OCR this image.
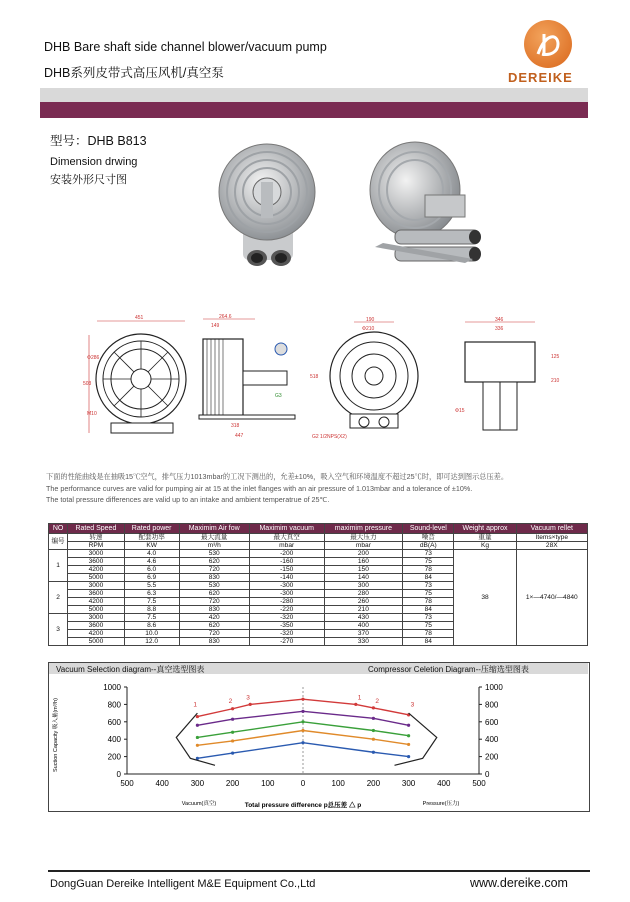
DHB Bare shaft side channel blower/vacuum pump
DHB系列皮带式高压风机/真空泵	DEREIKE
型号：DHB B813
Dimension drwing
安装外形尺寸图
451
503
Φ286
M10
264.6
149
318
447
G3
190
Φ210
518
G2 1/2NPS(X2)
346
336
125
210
Φ15
下面的性能曲线是在抽吸15℃空气，排气压力1013mbar的工况下测出的，允差±10%，吸入空气和环境温度不超过25℃时，即可达到图示总压差。
The performance curves are valid for pumping air at 15 at the inlet flanges with an air pressure of 1.013mbar and a tolerance of ±10%.
The total pressure differences are valid up to an intake and ambient temperatrue of 25℃.
NO	Rated Speed	Rated power	Maximim Air fow	Maximim vacuum	maximim pressure	Sound-level	Weight approx	Vacuum rellet
编号	转速	配套功率	最大流量	最大真空	最大压力	噪音	重量	Items×type
	RPM	KW	m³/h	mbar	mbar	dB(A)	Kg	28X
1	3000	4.0	530	-200	200	73	38	1×—4740/—4840
	3600	4.6	620	-160	160	75		
	4200	6.0	720	-150	150	78		
	5000	6.9	830	-140	140	84		
2	3000	5.5	530	-300	300	73		
	3600	6.3	620	-300	280	75		
	4200	7.5	720	-280	260	78		
	5000	8.8	830	-220	210	84		
3	3000	7.5	420	-320	430	73		
	3600	8.6	620	-350	400	75		
	4200	10.0	720	-320	370	78		
	5000	12.0	830	-270	330	84		
Vacuum Selection diagram--真空选型图表	Compressor Celetion Diagram--压缩选型图表
1000	1000
800	800
600	600
400	400
200	200
0	0
500	400	300	200	100	0	100	200	300	400	500
3
2
1
1 2	3
Suction Capacity 吸入量(m³/h)
Total pressure difference p总压差 △ p
Vacuum(真空)	Pressure(压力)
DongGuan Dereike Intelligent M&E Equipment Co.,Ltd	www.dereike.com
